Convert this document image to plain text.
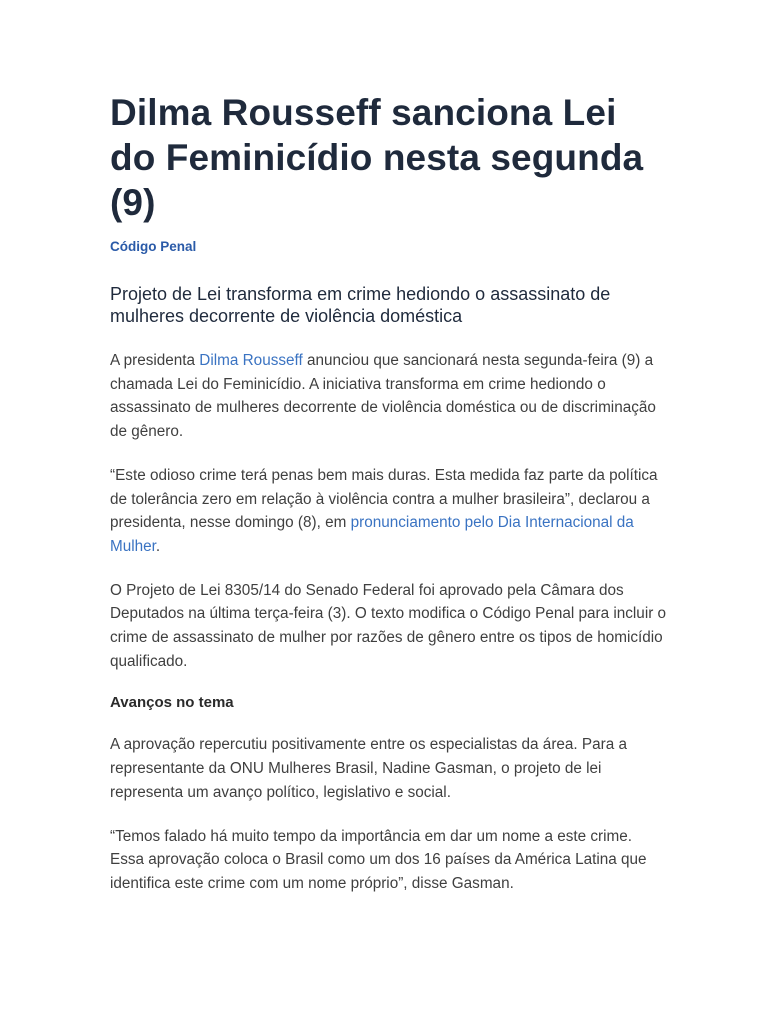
Dilma Rousseff sanciona Lei do Feminicídio nesta segunda (9)
Código Penal

Projeto de Lei transforma em crime hediondo o assassinato de mulheres decorrente de violência doméstica

A presidenta Dilma Rousseff anunciou que sancionará nesta segunda-feira (9) a chamada Lei do Feminicídio. A iniciativa transforma em crime hediondo o assassinato de mulheres decorrente de violência doméstica ou de discriminação de gênero.

“Este odioso crime terá penas bem mais duras. Esta medida faz parte da política de tolerância zero em relação à violência contra a mulher brasileira”, declarou a presidenta, nesse domingo (8), em pronunciamento pelo Dia Internacional da Mulher.

O Projeto de Lei 8305/14 do Senado Federal foi aprovado pela Câmara dos Deputados na última terça-feira (3). O texto modifica o Código Penal para incluir o crime de assassinato de mulher por razões de gênero entre os tipos de homicídio qualificado.

Avanços no tema

A aprovação repercutiu positivamente entre os especialistas da área. Para a representante da ONU Mulheres Brasil, Nadine Gasman, o projeto de lei representa um avanço político, legislativo e social.

“Temos falado há muito tempo da importância em dar um nome a este crime. Essa aprovação coloca o Brasil como um dos 16 países da América Latina que identifica este crime com um nome próprio”, disse Gasman.
